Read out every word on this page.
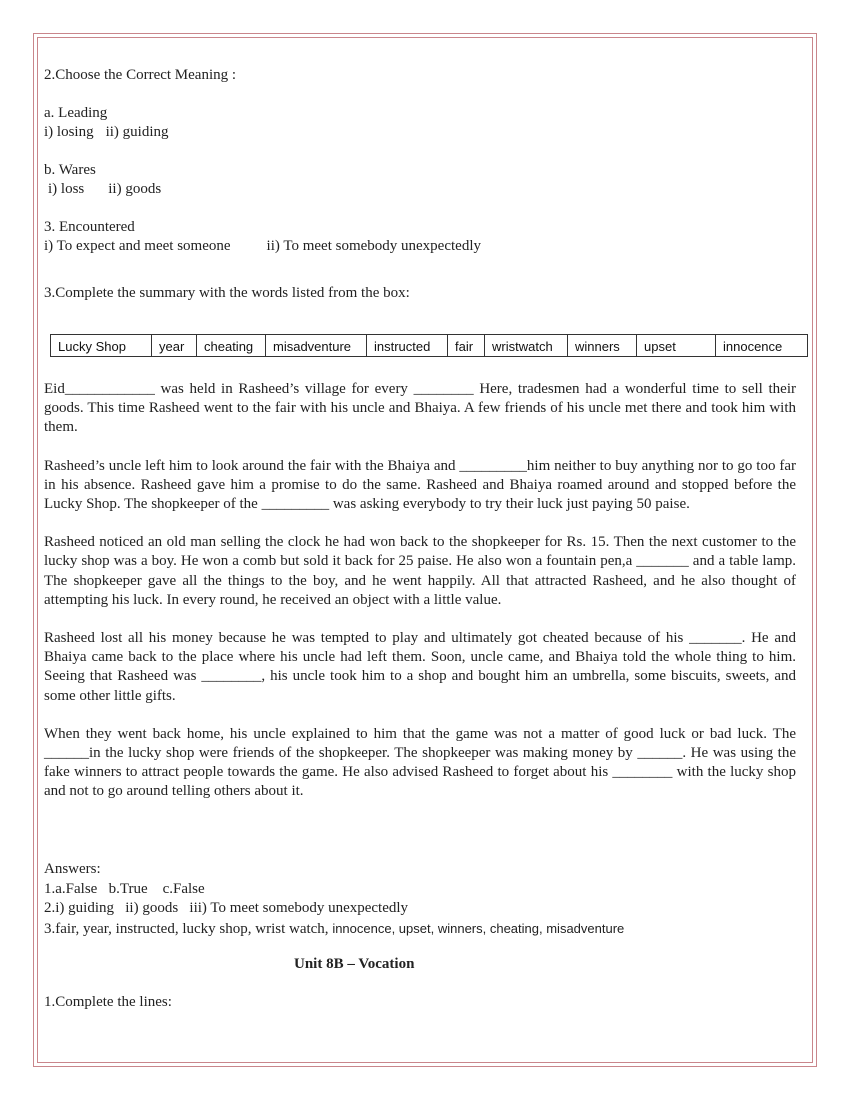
2.Choose the Correct Meaning :

a. Leading

i) losing ii) guiding

b. Wares

i) loss ii) goods

3. Encountered

i) To expect and meet someone ii) To meet somebody unexpectedly

3.Complete the summary with the words listed from the box:

Lucky Shop	year	cheating	misadventure	instructed	fair	wristwatch	winners	upset	innocence

Eid____________ was held in Rasheed’s village for every ________ Here, tradesmen had a wonderful time to sell their goods. This time Rasheed went to the fair with his uncle and Bhaiya. A few friends of his uncle met there and took him with them.

Rasheed’s uncle left him to look around the fair with the Bhaiya and _________him neither to buy anything nor to go too far in his absence. Rasheed gave him a promise to do the same. Rasheed and Bhaiya roamed around and stopped before the Lucky Shop. The shopkeeper of the _________ was asking everybody to try their luck just paying 50 paise.

Rasheed noticed an old man selling the clock he had won back to the shopkeeper for Rs. 15. Then the next customer to the lucky shop was a boy. He won a comb but sold it back for 25 paise. He also won a fountain pen,a _______ and a table lamp. The shopkeeper gave all the things to the boy, and he went happily. All that attracted Rasheed, and he also thought of attempting his luck. In every round, he received an object with a little value.

Rasheed lost all his money because he was tempted to play and ultimately got cheated because of his _______. He and Bhaiya came back to the place where his uncle had left them. Soon, uncle came, and Bhaiya told the whole thing to him. Seeing that Rasheed was ________, his uncle took him to a shop and bought him an umbrella, some biscuits, sweets, and some other little gifts.

When they went back home, his uncle explained to him that the game was not a matter of good luck or bad luck. The ______in the lucky shop were friends of the shopkeeper. The shopkeeper was making money by ______. He was using the fake winners to attract people towards the game. He also advised Rasheed to forget about his ________ with the lucky shop and not to go around telling others about it.

Answers:

1.a.False   b.True    c.False

2.i) guiding   ii) goods   iii) To meet somebody unexpectedly

3.fair, year, instructed, lucky shop, wrist watch, innocence, upset, winners, cheating, misadventure

Unit 8B – Vocation
1.Complete the lines:
